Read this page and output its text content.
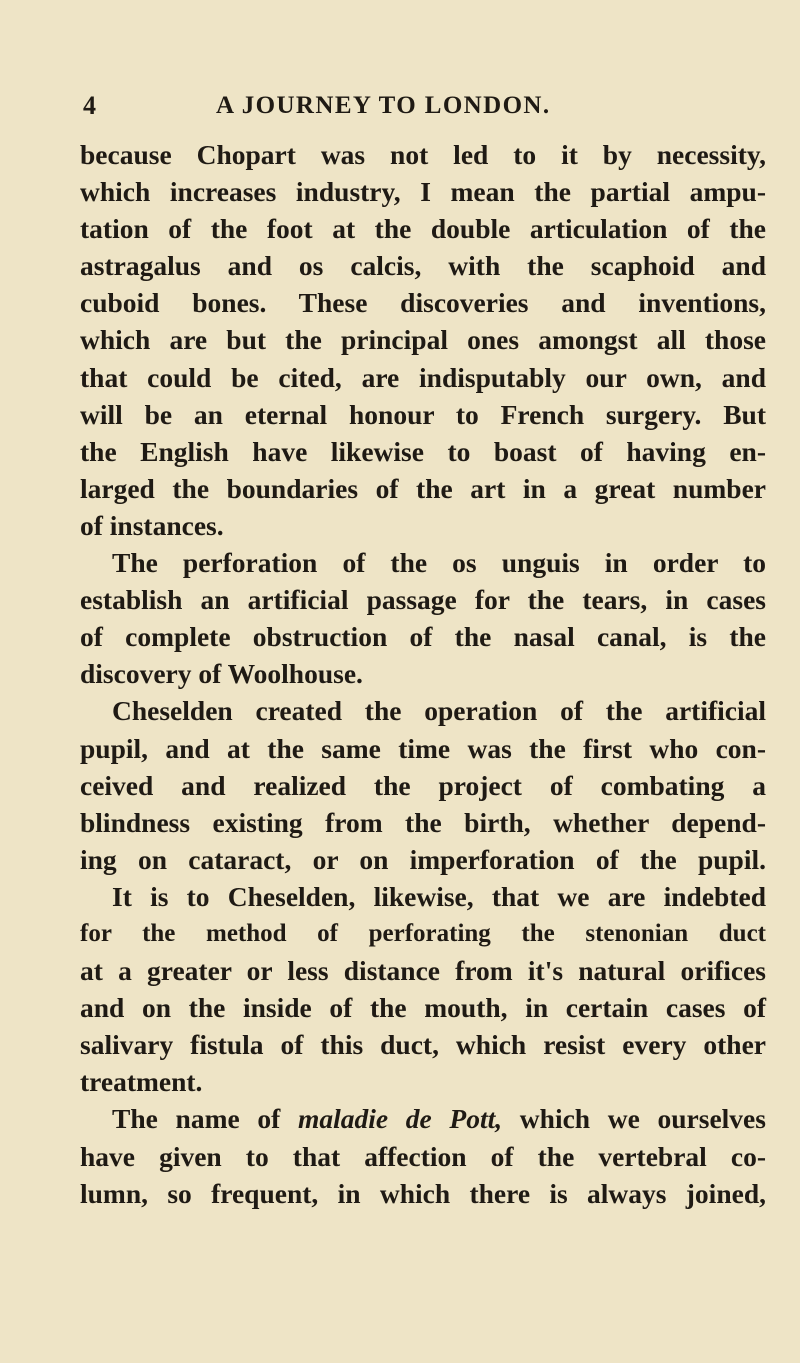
4	A JOURNEY TO LONDON.
because Chopart was not led to it by necessity,
which increases industry, I mean the partial ampu-
tation of the foot at the double articulation of the
astragalus and os calcis, with the scaphoid and
cuboid bones. These discoveries and inventions,
which are but the principal ones amongst all those
that could be cited, are indisputably our own, and
will be an eternal honour to French surgery. But
the English have likewise to boast of having en-
larged the boundaries of the art in a great number
of instances.
The perforation of the os unguis in order to
establish an artificial passage for the tears, in cases
of complete obstruction of the nasal canal, is the
discovery of Woolhouse.
Cheselden created the operation of the artificial
pupil, and at the same time was the first who con-
ceived and realized the project of combating a
blindness existing from the birth, whether depend-
ing on cataract, or on imperforation of the pupil.
It is to Cheselden, likewise, that we are indebted
for the method of perforating the stenonian duct
at a greater or less distance from it's natural orifices
and on the inside of the mouth, in certain cases of
salivary fistula of this duct, which resist every other
treatment.
The name of maladie de Pott, which we ourselves
have given to that affection of the vertebral co-
lumn, so frequent, in which there is always joined,
